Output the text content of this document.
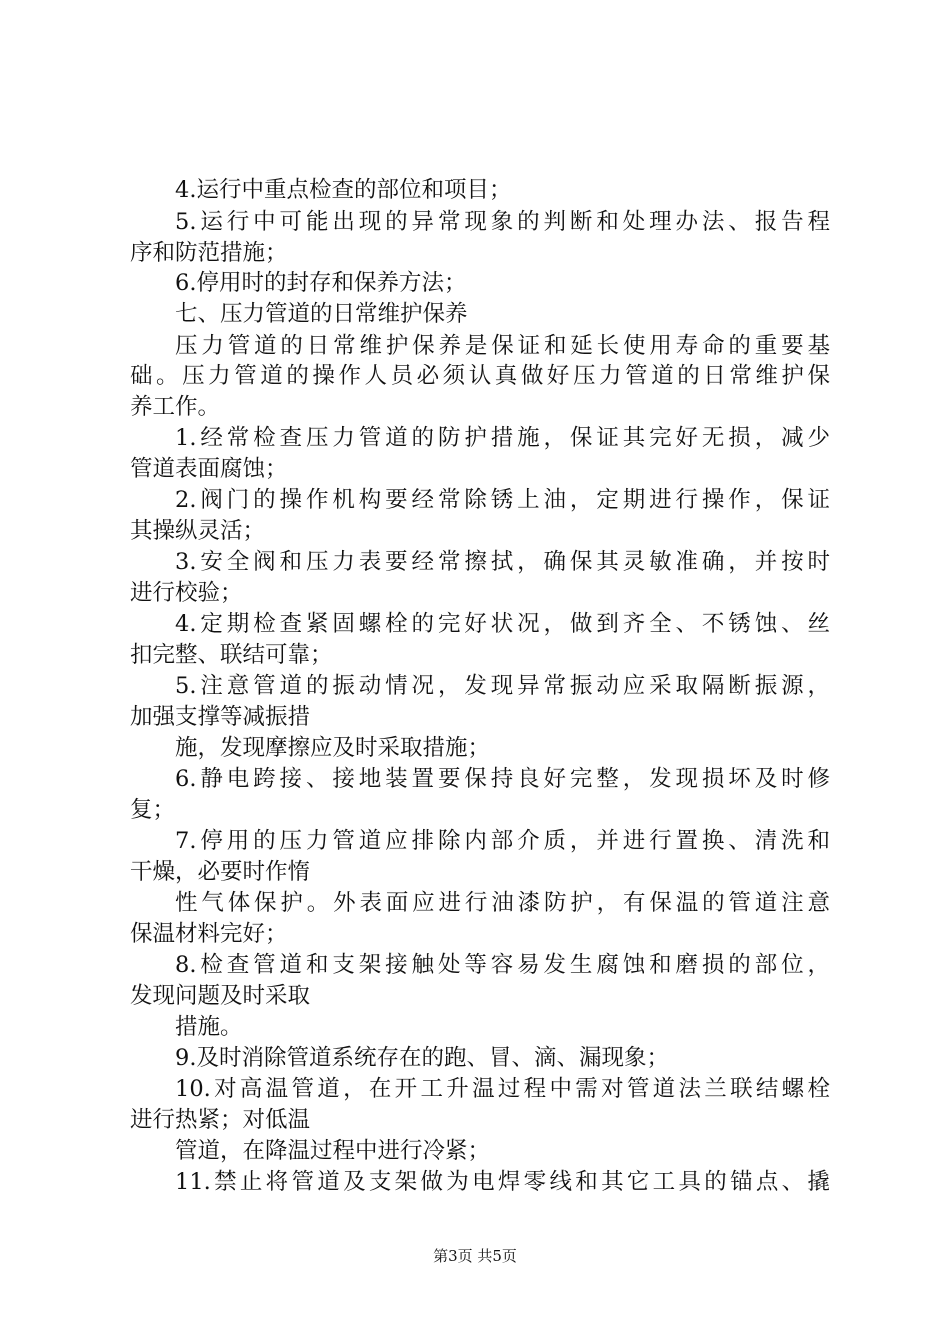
4.运行中重点检查的部位和项目；
5.运行中可能出现的异常现象的判断和处理办法、报告程
序和防范措施；
6.停用时的封存和保养方法；
七、压力管道的日常维护保养
压力管道的日常维护保养是保证和延长使用寿命的重要基
础。压力管道的操作人员必须认真做好压力管道的日常维护保
养工作。
1.经常检查压力管道的防护措施，保证其完好无损，减少
管道表面腐蚀；
2.阀门的操作机构要经常除锈上油，定期进行操作，保证
其操纵灵活；
3.安全阀和压力表要经常擦拭，确保其灵敏准确，并按时
进行校验；
4.定期检查紧固螺栓的完好状况，做到齐全、不锈蚀、丝
扣完整、联结可靠；
5.注意管道的振动情况，发现异常振动应采取隔断振源，
加强支撑等减振措
施，发现摩擦应及时采取措施；
6.静电跨接、接地装置要保持良好完整，发现损坏及时修
复；
7.停用的压力管道应排除内部介质，并进行置换、清洗和
干燥，必要时作惰
性气体保护。外表面应进行油漆防护，有保温的管道注意
保温材料完好；
8.检查管道和支架接触处等容易发生腐蚀和磨损的部位，
发现问题及时采取
措施。
9.及时消除管道系统存在的跑、冒、滴、漏现象；
10.对高温管道，在开工升温过程中需对管道法兰联结螺栓
进行热紧；对低温
管道，在降温过程中进行冷紧；
11.禁止将管道及支架做为电焊零线和其它工具的锚点、撬
第3页 共5页
